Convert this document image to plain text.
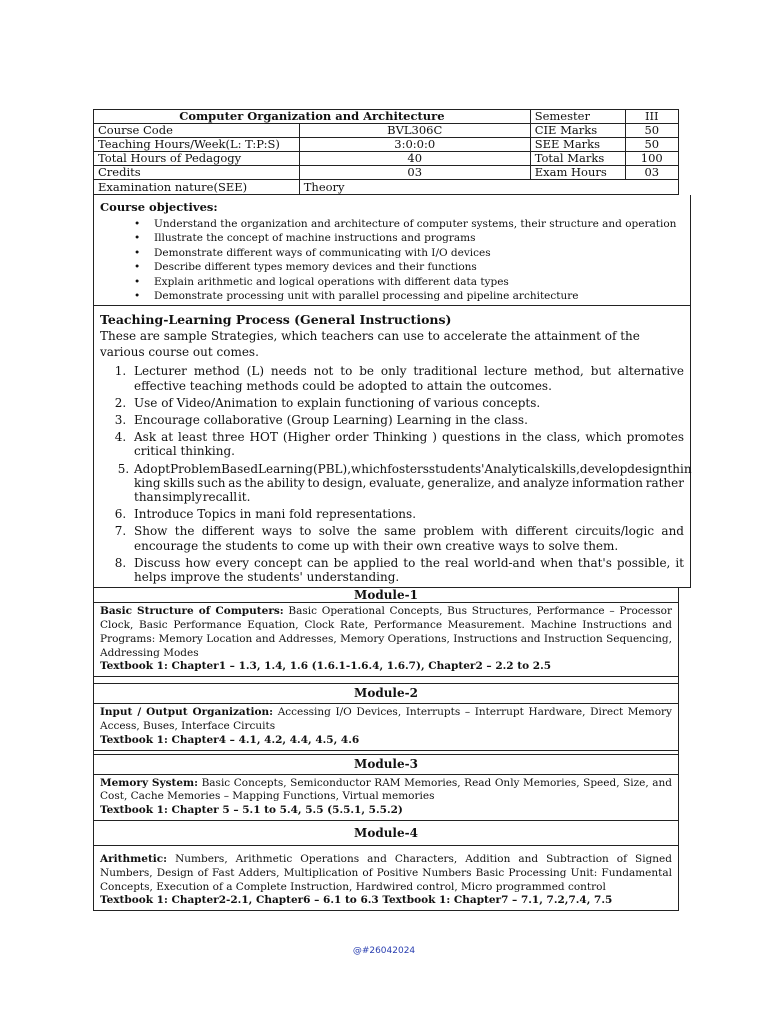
Computer Organization and Architecture		Semester	III
Course Code	BVL306C	CIE Marks	50
Teaching Hours/Week(L: T:P:S)	3:0:0:0	SEE Marks	50
Total Hours of Pedagogy	40	Total Marks	100
Credits	03	Exam Hours	03
Examination nature(SEE)	Theory		
Course objectives:
• Understand the organization and architecture of computer systems, their structure and operation
• Illustrate the concept of machine instructions and programs
• Demonstrate different ways of communicating with I/O devices
• Describe different types memory devices and their functions
• Explain arithmetic and logical operations with different data types
• Demonstrate processing unit with parallel processing and pipeline architecture
Teaching-Learning Process (General Instructions)

These are sample Strategies, which teachers can use to accelerate the attainment of the various course out comes.

1. Lecturer method (L) needs not to be only traditional lecture method, but alternative effective teaching methods could be adopted to attain the outcomes.
2. Use of Video/Animation to explain functioning of various concepts.
3. Encourage collaborative (Group Learning) Learning in the class.
4. Ask at least three HOT (Higher order Thinking ) questions in the class, which promotes critical thinking.
5. AdoptProblemBasedLearning(PBL),whichfostersstudents'Analyticalskills,developdesignthin king skills such as the ability to design, evaluate, generalize, and analyze information rather than simply recall it.
6. Introduce Topics in mani fold representations.
7. Show the different ways to solve the same problem with different circuits/logic and encourage the students to come up with their own creative ways to solve them.
8. Discuss how every concept can be applied to the real world-and when that's possible, it helps improve the students' understanding.
Module-1
Basic Structure of Computers: Basic Operational Concepts, Bus Structures, Performance – Processor Clock, Basic Performance Equation, Clock Rate, Performance Measurement. Machine Instructions and Programs: Memory Location and Addresses, Memory Operations, Instructions and Instruction Sequencing, Addressing Modes
Textbook 1: Chapter1 – 1.3, 1.4, 1.6 (1.6.1-1.6.4, 1.6.7), Chapter2 – 2.2 to 2.5
Module-2
Input / Output Organization: Accessing I/O Devices, Interrupts – Interrupt Hardware, Direct Memory Access, Buses, Interface Circuits
Textbook 1: Chapter4 – 4.1, 4.2, 4.4, 4.5, 4.6
Module-3
Memory System: Basic Concepts, Semiconductor RAM Memories, Read Only Memories, Speed, Size, and Cost, Cache Memories – Mapping Functions, Virtual memories
Textbook 1: Chapter 5 – 5.1 to 5.4, 5.5 (5.5.1, 5.5.2)
Module-4
Arithmetic: Numbers, Arithmetic Operations and Characters, Addition and Subtraction of Signed Numbers, Design of Fast Adders, Multiplication of Positive Numbers Basic Processing Unit: Fundamental Concepts, Execution of a Complete Instruction, Hardwired control, Micro programmed control
Textbook 1: Chapter2-2.1, Chapter6 – 6.1 to 6.3 Textbook 1: Chapter7 – 7.1, 7.2,7.4, 7.5
@#26042024
